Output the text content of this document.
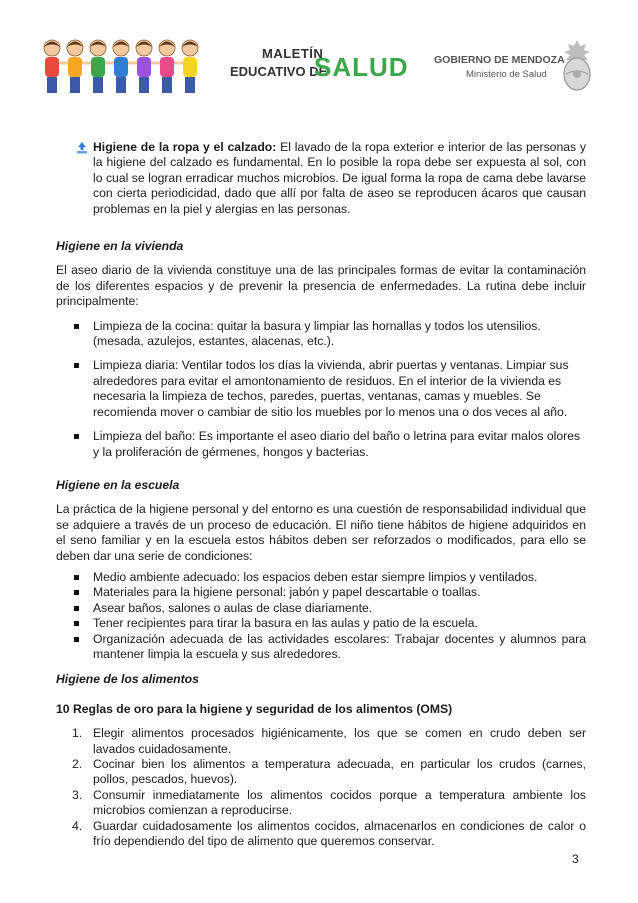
MALETÍN
EDUCATIVO DE
SALUD GOBIERNO DE MENDOZA
Ministerio de Salud

Higiene de la ropa y el calzado: El lavado de la ropa exterior e interior de las personas y la higiene del calzado es fundamental. En lo posible la ropa debe ser expuesta al sol, con lo cual se logran erradicar muchos microbios. De igual forma la ropa de cama debe lavarse con cierta periodicidad, dado que allí por falta de aseo se reproducen ácaros que causan problemas en la piel y alergias en las personas.

Higiene en la vivienda

El aseo diario de la vivienda constituye una de las principales formas de evitar la contaminación de los diferentes espacios y de prevenir la presencia de enfermedades. La rutina debe incluir principalmente:

Limpieza de la cocina: quitar la basura y limpiar las hornallas y todos los utensilios. (mesada, azulejos, estantes, alacenas, etc.).
Limpieza diaria: Ventilar todos los días la vivienda, abrir puertas y ventanas. Limpiar sus alrededores para evitar el amontonamiento de residuos. En el interior de la vivienda es necesaria la limpieza de techos, paredes, puertas, ventanas, camas y muebles. Se recomienda mover o cambiar de sitio los muebles por lo menos una o dos veces al año.
Limpieza del baño: Es importante el aseo diario del baño o letrina para evitar malos olores y la proliferación de gérmenes, hongos y bacterias.

Higiene en la escuela

La práctica de la higiene personal y del entorno es una cuestión de responsabilidad individual que se adquiere a través de un proceso de educación. El niño tiene hábitos de higiene adquiridos en el seno familiar y en la escuela estos hábitos deben ser reforzados o modificados, para ello se deben dar una serie de condiciones:

Medio ambiente adecuado: los espacios deben estar siempre limpios y ventilados.
Materiales para la higiene personal: jabón y papel descartable o toallas.
Asear baños, salones o aulas de clase diariamente.
Tener recipientes para tirar la basura en las aulas y patio de la escuela.
Organización adecuada de las actividades escolares: Trabajar docentes y alumnos para mantener limpia la escuela y sus alrededores.

Higiene de los alimentos

10 Reglas de oro para la higiene y seguridad de los alimentos (OMS)

1. Elegir alimentos procesados higiénicamente, los que se comen en crudo deben ser lavados cuidadosamente.
2. Cocinar bien los alimentos a temperatura adecuada, en particular los crudos (carnes, pollos, pescados, huevos).
3. Consumir inmediatamente los alimentos cocidos porque a temperatura ambiente los microbios comienzan a reproducirse.
4. Guardar cuidadosamente los alimentos cocidos, almacenarlos en condiciones de calor o frío dependiendo del tipo de alimento que queremos conservar.
3
